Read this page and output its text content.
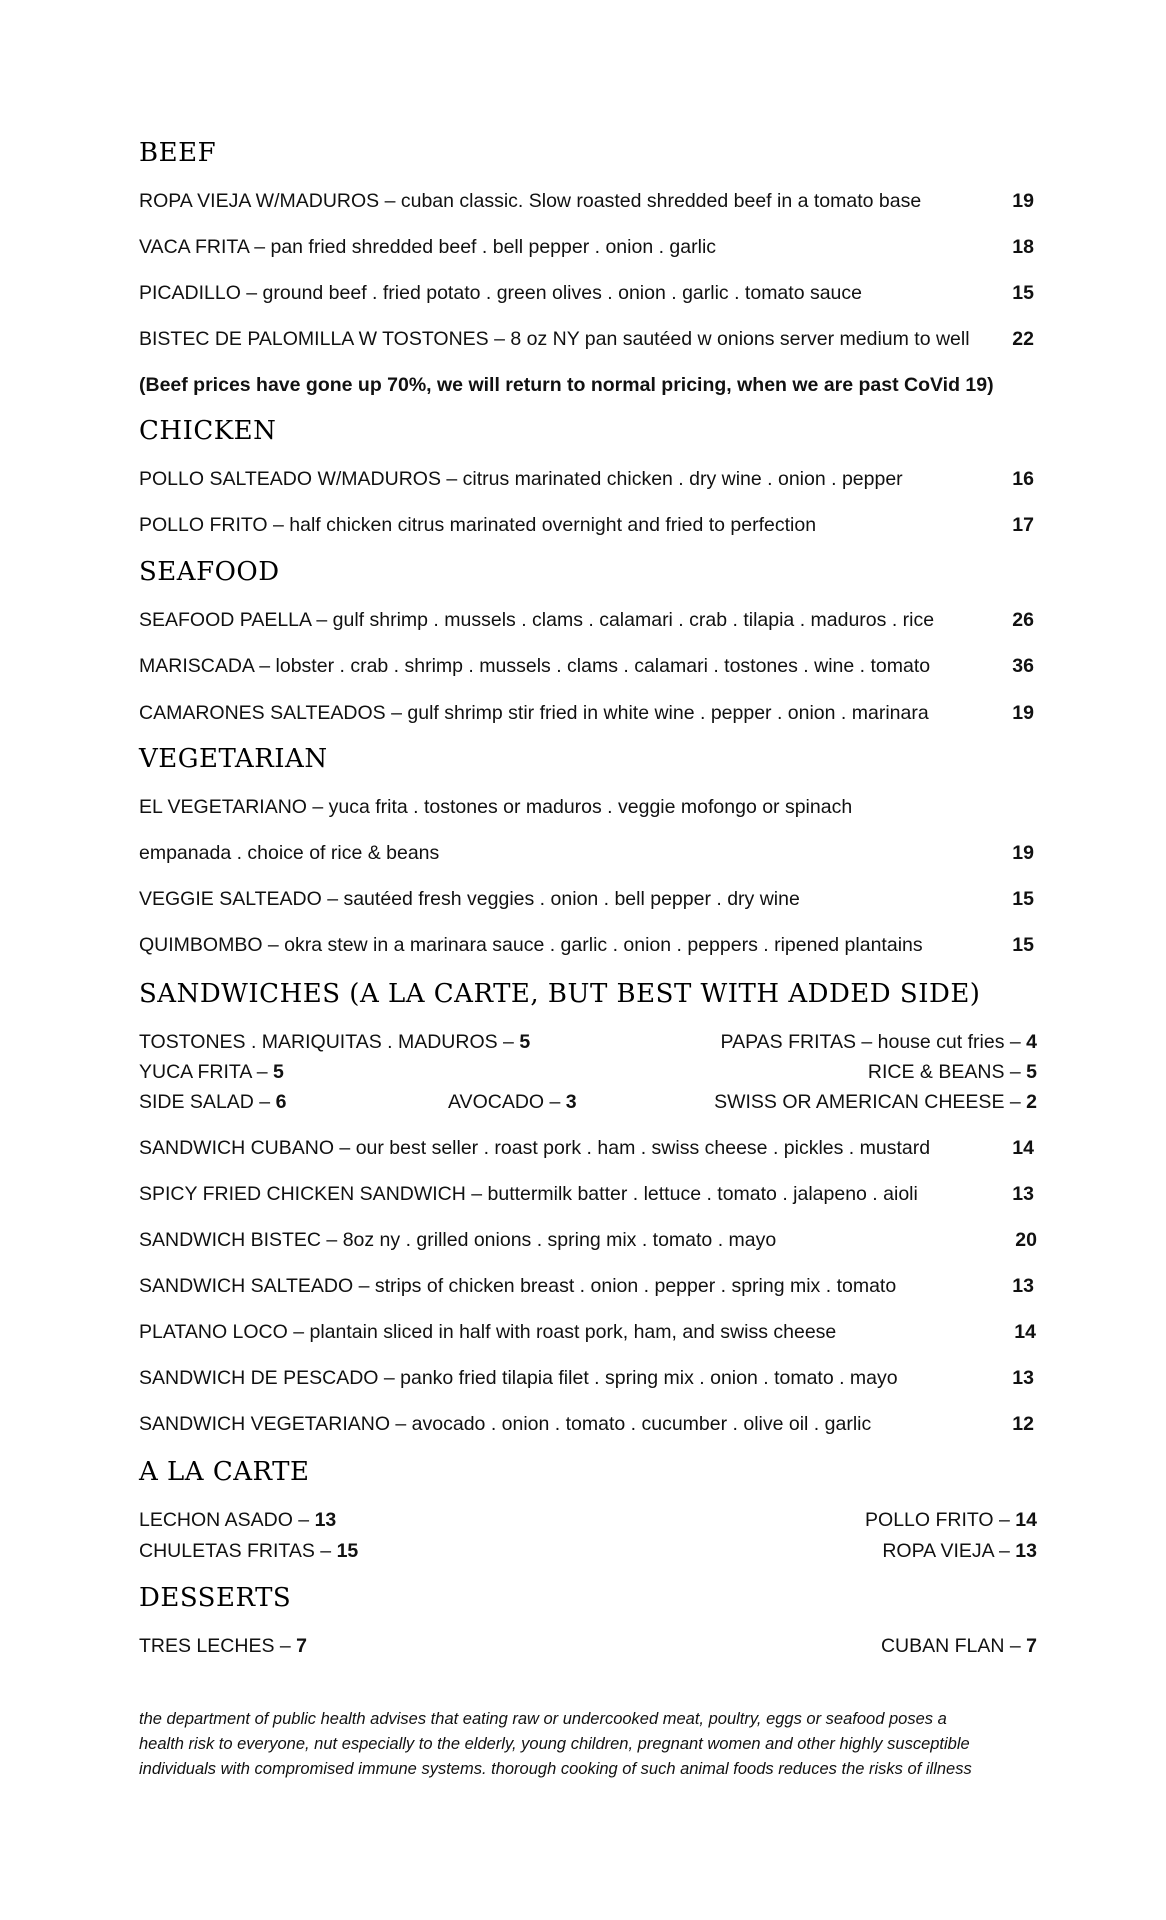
BEEF
ROPA VIEJA W/MADUROS – cuban classic. Slow roasted shredded beef in a tomato base	19
VACA FRITA – pan fried shredded beef . bell pepper . onion . garlic	18
PICADILLO – ground beef . fried potato . green olives . onion . garlic . tomato sauce	15
BISTEC DE PALOMILLA W TOSTONES – 8 oz NY pan sautéed w onions server medium to well 22
(Beef prices have gone up 70%, we will return to normal pricing, when we are past CoVid 19)
CHICKEN
POLLO SALTEADO W/MADUROS – citrus marinated chicken . dry wine . onion . pepper	16
POLLO FRITO – half chicken citrus marinated overnight and fried to perfection	17
SEAFOOD
SEAFOOD PAELLA – gulf shrimp . mussels . clams . calamari . crab . tilapia . maduros . rice	26
MARISCADA – lobster . crab . shrimp . mussels . clams . calamari . tostones . wine . tomato	36
CAMARONES SALTEADOS – gulf shrimp stir fried in white wine . pepper . onion . marinara	19
VEGETARIAN
EL VEGETARIANO – yuca frita . tostones or maduros . veggie mofongo or spinach
empanada . choice of rice & beans	19
VEGGIE SALTEADO – sautéed fresh veggies . onion . bell pepper . dry wine	15
QUIMBOMBO – okra stew in a marinara sauce . garlic . onion . peppers . ripened plantains	15
SANDWICHES (A LA CARTE, BUT BEST WITH ADDED SIDE)
TOSTONES . MARIQUITAS . MADUROS – 5	PAPAS FRITAS – house cut fries – 4
YUCA FRITA – 5	RICE & BEANS – 5
SIDE SALAD – 6	AVOCADO – 3	SWISS OR AMERICAN CHEESE – 2
SANDWICH CUBANO – our best seller . roast pork . ham . swiss cheese . pickles . mustard	14
SPICY FRIED CHICKEN SANDWICH – buttermilk batter . lettuce . tomato . jalapeno . aioli	13
SANDWICH BISTEC – 8oz ny . grilled onions . spring mix . tomato . mayo	20
SANDWICH SALTEADO – strips of chicken breast . onion . pepper . spring mix . tomato	13
PLATANO LOCO – plantain sliced in half with roast pork, ham, and swiss cheese	14
SANDWICH DE PESCADO – panko fried tilapia filet . spring mix . onion . tomato . mayo	13
SANDWICH VEGETARIANO – avocado . onion . tomato . cucumber . olive oil . garlic	12
A LA CARTE
LECHON ASADO – 13	POLLO FRITO – 14
CHULETAS FRITAS – 15	ROPA VIEJA – 13
DESSERTS
TRES LECHES – 7	CUBAN FLAN – 7
the department of public health advises that eating raw or undercooked meat, poultry, eggs or seafood poses a
health risk to everyone, nut especially to the elderly, young children, pregnant women and other highly susceptible
individuals with compromised immune systems. thorough cooking of such animal foods reduces the risks of illness
